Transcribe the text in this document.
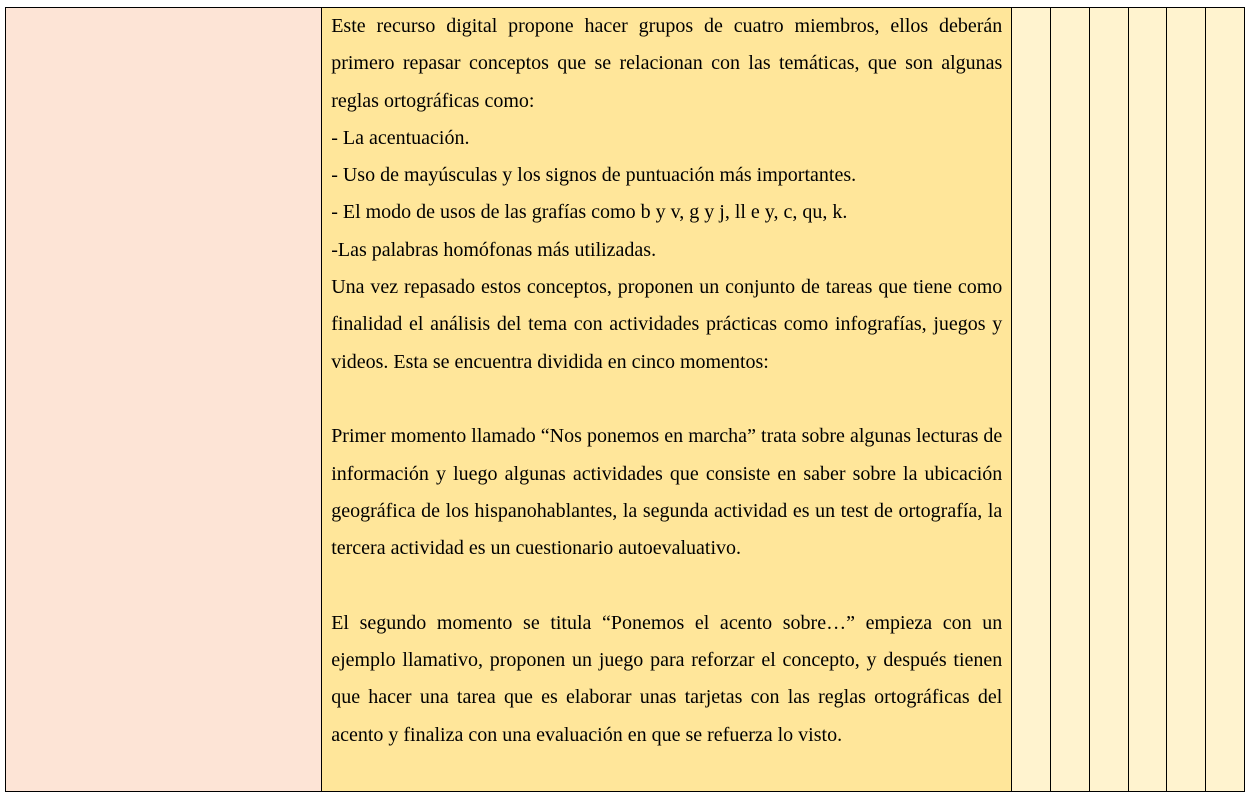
Este recurso digital propone hacer grupos de cuatro miembros, ellos deberán primero repasar conceptos que se relacionan con las temáticas, que son algunas reglas ortográficas como:

- La acentuación.

- Uso de mayúsculas y los signos de puntuación más importantes.

- El modo de usos de las grafías como b y v, g y j, ll e y, c, qu, k.

-Las palabras homófonas más utilizadas.

Una vez repasado estos conceptos, proponen un conjunto de tareas que tiene como finalidad el análisis del tema con actividades prácticas como infografías, juegos y videos. Esta se encuentra dividida en cinco momentos:

Primer momento llamado “Nos ponemos en marcha” trata sobre algunas lecturas de información y luego algunas actividades que consiste en saber sobre la ubicación geográfica de los hispanohablantes, la segunda actividad es un test de ortografía, la tercera actividad es un cuestionario autoevaluativo.

El segundo momento se titula “Ponemos el acento sobre…” empieza con un ejemplo llamativo, proponen un juego para reforzar el concepto, y después tienen que hacer una tarea que es elaborar unas tarjetas con las reglas ortográficas del acento y finaliza con una evaluación en que se refuerza lo visto.
